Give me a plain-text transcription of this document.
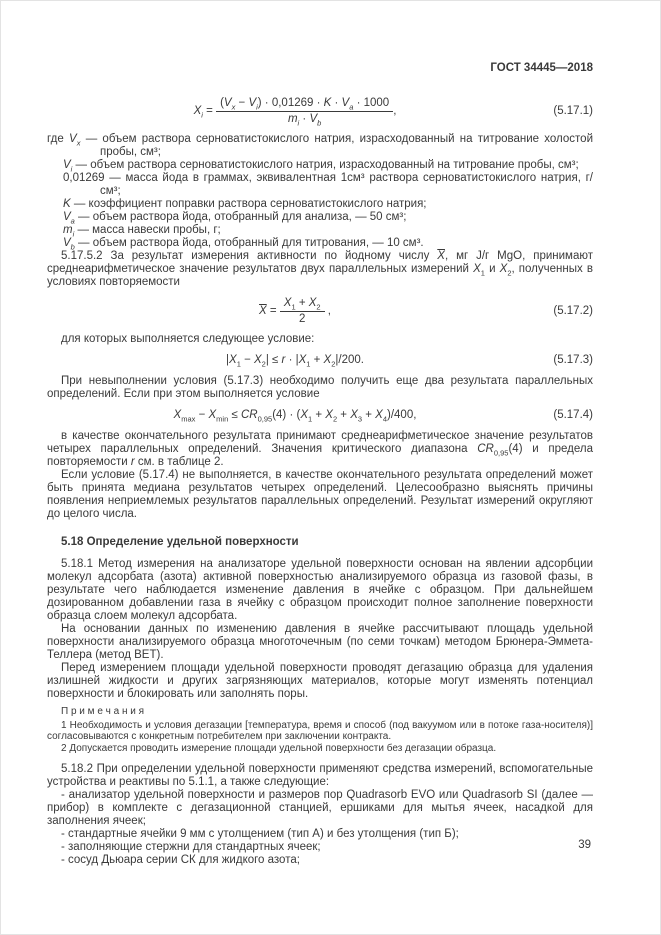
ГОСТ 34445—2018
$X_i = \frac{(V_x - V_i) \cdot 0,01269 \cdot K \cdot V_a \cdot 1000}{m_i \cdot V_b}$ ,	(5.17.1)
где $V_x$ — объем раствора серноватистокислого натрия, израсходованный на титрование холостой пробы, см³;
$V_i$ — объем раствора серноватистокислого натрия, израсходованный на титрование пробы, см³;
0,01269 — масса йода в граммах, эквивалентная 1см³ раствора серноватистокислого натрия, г/см³;
K — коэффициент поправки раствора серноватистокислого натрия;
$V_a$ — объем раствора йода, отобранный для анализа, — 50 см³;
$m_i$ — масса навески пробы, г;
$V_b$ — объем раствора йода, отобранный для титрования, — 10 см³.

5.17.5.2 За результат измерения активности по йодному числу $\overline{X}$, мг J/г MgO, принимают среднеарифметическое значение результатов двух параллельных измерений $X_1$ и $X_2$, полученных в условиях повторяемости

$\overline{X} = \frac{X_1 + X_2}{2}$ ,	(5.17.2)

для которых выполняется следующее условие:

$|X_1 - X_2| \le r \cdot |X_1 + X_2|/200$.	(5.17.3)

При невыполнении условия (5.17.3) необходимо получить еще два результата параллельных определений. Если при этом выполняется условие

$X_{max} - X_{min} \le CR_{0,95}(4) \cdot (X_1 + X_2 + X_3 + X_4)/400$,	(5.17.4)

в качестве окончательного результата принимают среднеарифметическое значение результатов четырех параллельных определений. Значения критического диапазона $CR_{0,95}(4)$ и предела повторяемости r см. в таблице 2.

Если условие (5.17.4) не выполняется, в качестве окончательного результата определений может быть принята медиана результатов четырех определений. Целесообразно выяснять причины появления неприемлемых результатов параллельных определений. Результат измерений округляют до целого числа.

5.18 Определение удельной поверхности

5.18.1 Метод измерения на анализаторе удельной поверхности основан на явлении адсорбции молекул адсорбата (азота) активной поверхностью анализируемого образца из газовой фазы, в результате чего наблюдается изменение давления в ячейке с образцом. При дальнейшем дозированном добавлении газа в ячейку с образцом происходит полное заполнение поверхности образца слоем молекул адсорбата.

На основании данных по изменению давления в ячейке рассчитывают площадь удельной поверхности анализируемого образца многоточечным (по семи точкам) методом Брюнера-Эммета-Теллера (метод BET).

Перед измерением площади удельной поверхности проводят дегазацию образца для удаления излишней жидкости и других загрязняющих материалов, которые могут изменять потенциал поверхности и блокировать или заполнять поры.

П р и м е ч а н и я

1 Необходимость и условия дегазации [температура, время и способ (под вакуумом или в потоке газа-носителя)] согласовываются с конкретным потребителем при заключении контракта.

2 Допускается проводить измерение площади удельной поверхности без дегазации образца.

5.18.2 При определении удельной поверхности применяют средства измерений, вспомогательные устройства и реактивы по 5.1.1, а также следующие:

- анализатор удельной поверхности и размеров пор Quadrasorb EVO или Quadrasorb SI (далее — прибор) в комплекте с дегазационной станцией, ершиками для мытья ячеек, насадкой для заполнения ячеек;

- стандартные ячейки 9 мм с утолщением (тип А) и без утолщения (тип Б);

- заполняющие стержни для стандартных ячеек;

- сосуд Дьюара серии СК для жидкого азота;

39
